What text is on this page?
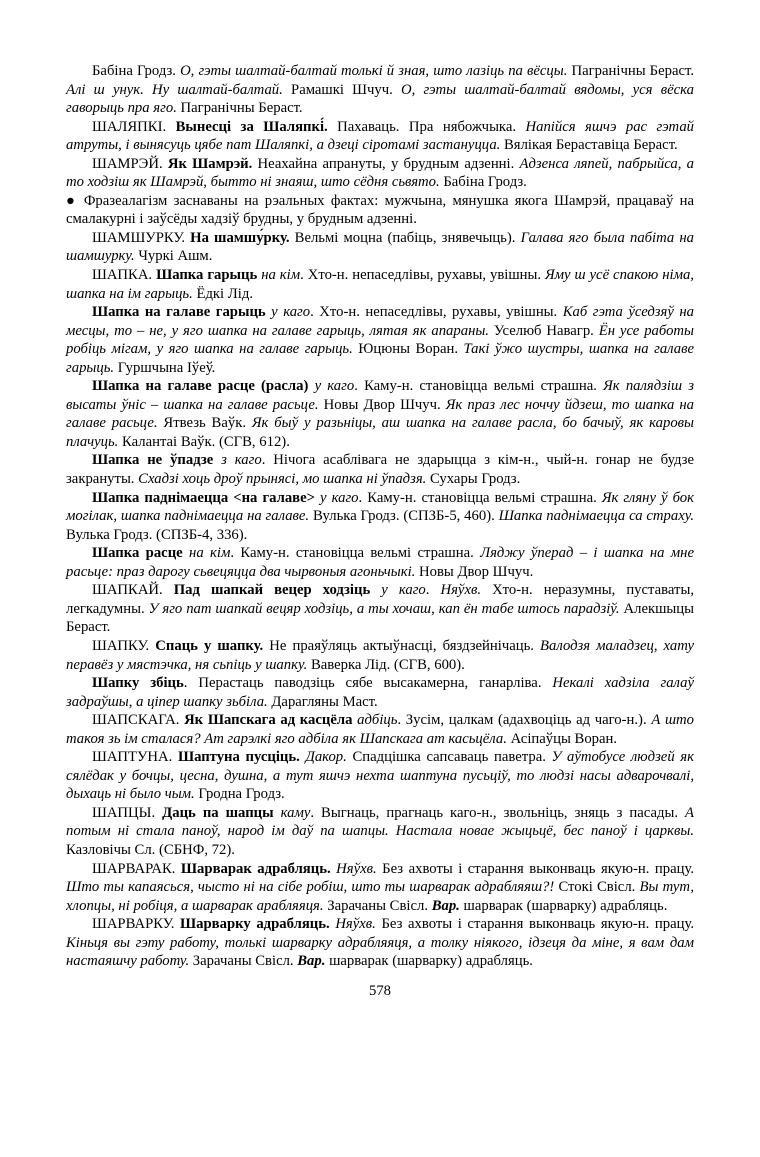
Бабіна Гродз. О, гэты шалтай-балтай толькі й зная, што лазіць па вёсцы. Пагранічны Бераст. Алі ш унук. Ну шалтай-балтай. Рамашкі Шчуч. О, гэты шалтай-балтай вядомы, уся вёска гаворыць пра яго. Пагранічны Бераст.

ШАЛЯПКІ. Вынесці за Шаляпкі́. Пахаваць. Пра нябожчыка. Напійся яшчэ рас гэтай атруты, і вынясуць цябе пат Шаляпкі, а дзеці сіротамі застануцца. Вялікая Бераставіца Бераст.

ШАМРЭЙ. Як Шамрэй. Неахайна апрануты, у брудным адзенні. Адзенса ляпей, пабрыйса, а то ходзіш як Шамрэй, бытто ні знаяш, што сёдня сьвято. Бабіна Гродз.

● Фразеалагізм заснаваны на рэальных фактах: мужчына, мянушка якога Шамрэй, працаваў на смалакурні і заўсёды хадзіў брудны, у брудным адзенні.

ШАМШУРКУ. На шамшу́рку. Вельмі моцна (пабіць, знявечыць). Галава яго была пабіта на шамшурку. Чуркі Ашм.

ШАПКА. Шапка гарыць на кім. Хто-н. непаседлівы, рухавы, увішны. Яму ш усё спакою німа, шапка на ім гарыць. Ёдкі Лід.

Шапка на галаве гарыць у каго. Хто-н. непаседлівы, рухавы, увішны. Каб гэта ўседзяў на месцы, то – не, у яго шапка на галаве гарыць, лятая як апараны. Уселюб Навагр. Ён усе работы робіць мігам, у яго шапка на галаве гарыць. Юцюны Воран. Такі ўжо шустры, шапка на галаве гарыць. Гуршчына Іўеў.

Шапка на галаве расце (расла) у каго. Каму-н. становіцца вельмі страшна. Як палядзіш з высаты ўніс – шапка на галаве расьце. Новы Двор Шчуч. Як праз лес ноччу йдзеш, то шапка на галаве расьце. Ятвезь Ваўк. Як быў у разьніцы, аш шапка на галаве расла, бо бачыў, як каровы плачуць. Калантаі Ваўк. (СГВ, 612).

Шапка не ўпадзе з каго. Нічога асаблівага не здарыцца з кім-н., чый-н. гонар не будзе закрануты. Схадзі хоць дроў прынясі, мо шапка ні ўпадзя. Сухары Гродз.

Шапка паднімаецца <на галаве> у каго. Каму-н. становіцца вельмі страшна. Як гляну ў бок могілак, шапка паднімаецца на галаве. Вулька Гродз. (СПЗБ-5, 460). Шапка паднімаецца са страху. Вулька Гродз. (СПЗБ-4, 336).

Шапка расце на кім. Каму-н. становіцца вельмі страшна. Ляджу ўперад – і шапка на мне расьце: праз дарогу сьвецяцца два чырвоныя агоньчыкі. Новы Двор Шчуч.

ШАПКАЙ. Пад шапкай вецер ходзіць у каго. Няўхв. Хто-н. неразумны, пуставаты, легкадумны. У яго пат шапкай вецяр ходзіць, а ты хочаш, кап ён табе штось парадзіў. Алекшыцы Бераст.

ШАПКУ. Спаць у шапку. Не праяўляць актыўнасці, бяздзейнічаць. Валодзя маладзец, хату перавёз у мястэчка, ня сьпіць у шапку. Ваверка Лід. (СГВ, 600).

Шапку збіць. Перастаць паводзіць сябе высакамерна, ганарліва. Некалі хадзіла галаў задраўшы, а ціпер шапку зьбіла. Дарагляны Маст.

ШАПСКАГА. Як Шапскага ад касцёла адбіць. Зусім, цалкам (адахвоціць ад чаго-н.). А што такоя зь ім сталася? Ат гарэлкі яго адбіла як Шапскага ат касьцёла. Асіпаўцы Воран.

ШАПТУНА. Шаптуна пусціць. Дакор. Спадцішка сапсаваць паветра. У аўтобусе людзей як сялёдак у бочцы, цесна, душна, а тут яшчэ нехта шаптуна пусьціў, то людзі насы адварочвалі, дыхаць ні было чым. Гродна Гродз.

ШАПЦЫ. Даць па шапцы каму. Выгнаць, прагнаць каго-н., звольніць, зняць з пасады. А потым ні стала паноў, народ ім даў па шапцы. Настала новае жыцьцё, бес паноў і царквы. Казловічы Сл. (СБНФ, 72).

ШАРВАРАК. Шарварак адрабляць. Няўхв. Без ахвоты і старання выконваць якую-н. працу. Што ты капаясься, чысто ні на сібе робіш, што ты шарварак адрабляяш?! Стокі Свісл. Вы тут, хлопцы, ні робіця, а шарварак арабляяця. Зарачаны Свісл. Вар. шарварак (шарварку) адрабляць.

ШАРВАРКУ. Шарварку адрабляць. Няўхв. Без ахвоты і старання выконваць якую-н. працу. Кіньця вы гэту работу, толькі шарварку адрабляяця, а толку ніякого, ідзеця да міне, я вам дам настаяшчу работу. Зарачаны Свісл. Вар. шарварак (шарварку) адрабляць.

578
